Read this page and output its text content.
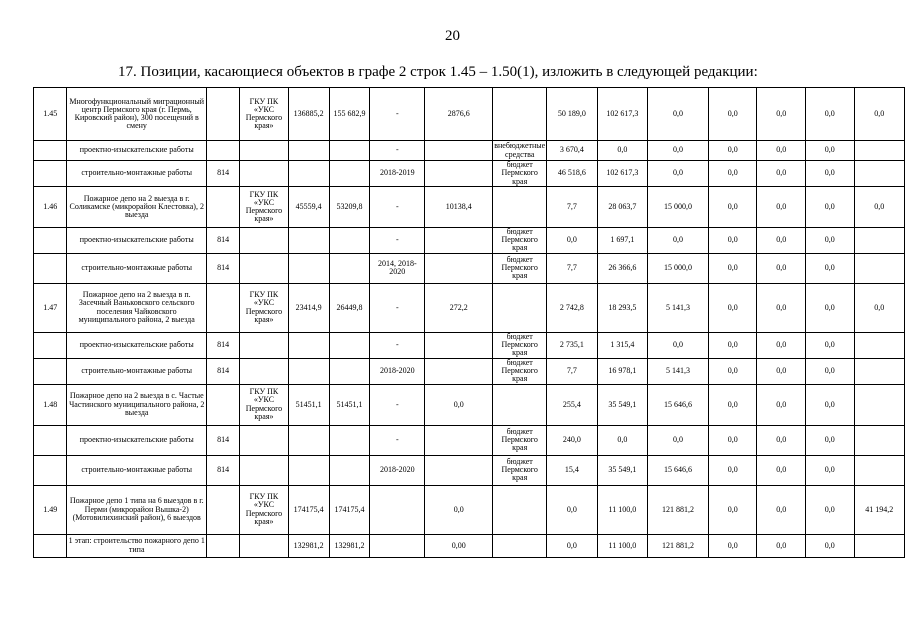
20
17. Позиции, касающиеся объектов в графе 2 строк 1.45 – 1.50(1), изложить в следующей редакции:
1.45	Многофункциональный миграционный центр Пермского края (г. Пермь, Кировский район), 300 посещений в смену		ГКУ ПК «УКС Пермского края»	136885,2	155 682,9	-	2876,6		50 189,0	102 617,3	0,0	0,0	0,0	0,0	0,0
	проектно-изыскательские работы					-		внебюджетные средства	3 670,4	0,0	0,0	0,0	0,0	0,0	
	строительно-монтажные работы	814				2018-2019		бюджет Пермского края	46 518,6	102 617,3	0,0	0,0	0,0	0,0	
1.46	Пожарное депо на 2 выезда в г. Соликамске (микрорайон Клестовка), 2 выезда		ГКУ ПК «УКС Пермского края»	45559,4	53209,8	-	10138,4		7,7	28 063,7	15 000,0	0,0	0,0	0,0	0,0
	проектно-изыскательские работы	814				-		бюджет Пермского края	0,0	1 697,1	0,0	0,0	0,0	0,0	
	строительно-монтажные работы	814				2014, 2018-2020		бюджет Пермского края	7,7	26 366,6	15 000,0	0,0	0,0	0,0	
1.47	Пожарное депо на 2 выезда в п. Засечный Ваньковского сельского поселения Чайковского муниципального района, 2 выезда		ГКУ ПК «УКС Пермского края»	23414,9	26449,8	-	272,2		2 742,8	18 293,5	5 141,3	0,0	0,0	0,0	0,0
	проектно-изыскательские работы	814				-		бюджет Пермского края	2 735,1	1 315,4	0,0	0,0	0,0	0,0	
	строительно-монтажные работы	814				2018-2020		бюджет Пермского края	7,7	16 978,1	5 141,3	0,0	0,0	0,0	
1.48	Пожарное депо на 2 выезда в с. Частые Частинского муниципального района, 2 выезда		ГКУ ПК «УКС Пермского края»	51451,1	51451,1	-	0,0		255,4	35 549,1	15 646,6	0,0	0,0	0,0	
	проектно-изыскательские работы	814				-		бюджет Пермского края	240,0	0,0	0,0	0,0	0,0	0,0	
	строительно-монтажные работы	814				2018-2020		бюджет Пермского края	15,4	35 549,1	15 646,6	0,0	0,0	0,0	
1.49	Пожарное депо 1 типа на 6 выездов в г. Перми (микрорайон Вышка-2) (Мотовилихинский район), 6 выездов		ГКУ ПК «УКС Пермского края»	174175,4	174175,4		0,0		0,0	11 100,0	121 881,2	0,0	0,0	0,0	41 194,2
	1 этап: строительство пожарного депо 1 типа			132981,2	132981,2		0,00		0,0	11 100,0	121 881,2	0,0	0,0	0,0	
